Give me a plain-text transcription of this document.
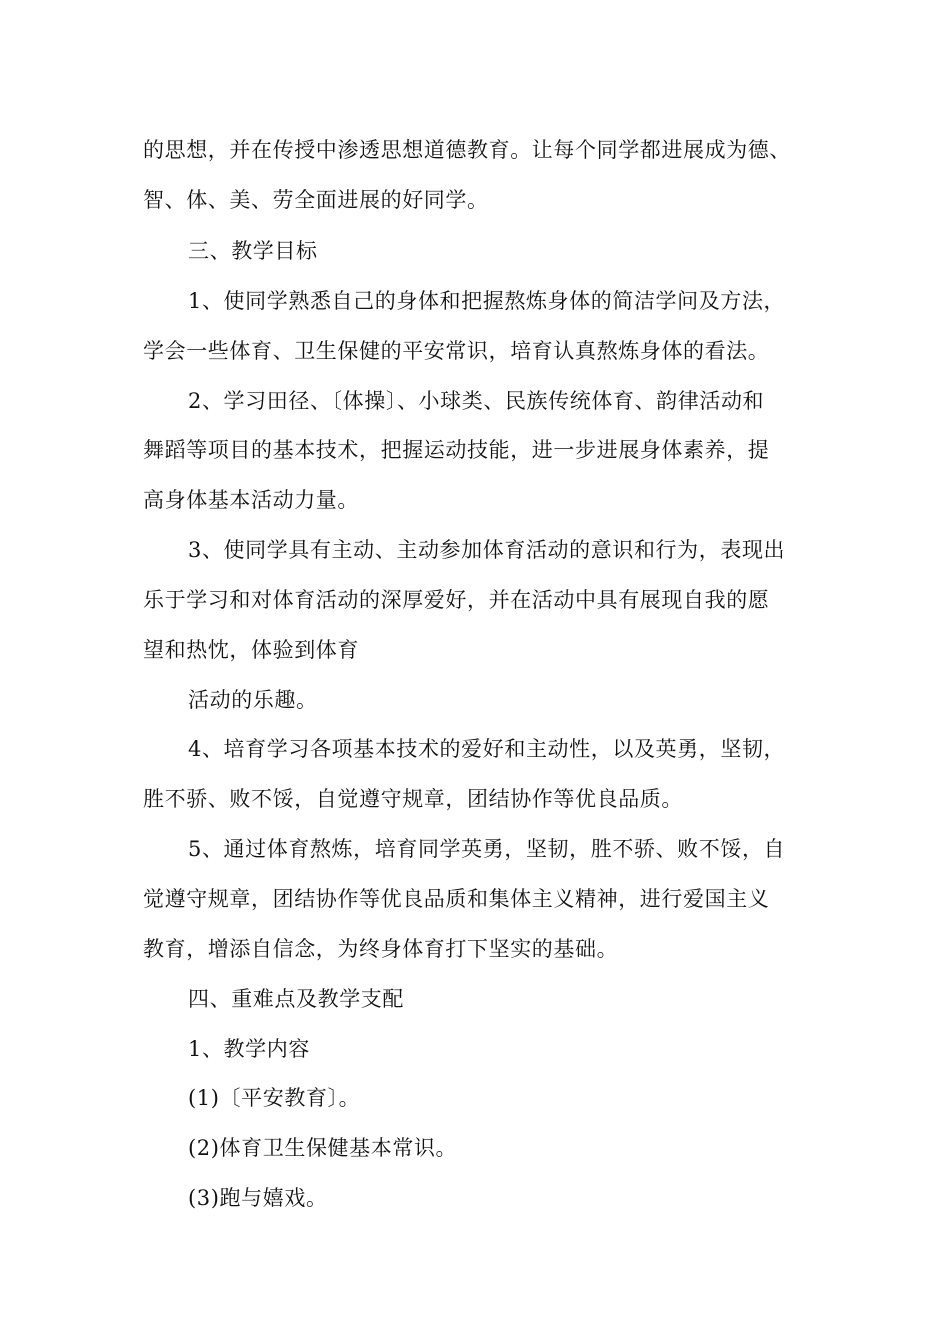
的思想，并在传授中渗透思想道德教育。让每个同学都进展成为德、
智、体、美、劳全面进展的好同学。
三、教学目标
1、使同学熟悉自己的身体和把握熬炼身体的简洁学问及方法，
学会一些体育、卫生保健的平安常识，培育认真熬炼身体的看法。
2、学习田径、〔体操〕、小球类、民族传统体育、韵律活动和
舞蹈等项目的基本技术，把握运动技能，进一步进展身体素养，提
高身体基本活动力量。
3、使同学具有主动、主动参加体育活动的意识和行为，表现出
乐于学习和对体育活动的深厚爱好，并在活动中具有展现自我的愿
望和热忱，体验到体育
活动的乐趣。
4、培育学习各项基本技术的爱好和主动性，以及英勇，坚韧，
胜不骄、败不馁，自觉遵守规章，团结协作等优良品质。
5、通过体育熬炼，培育同学英勇，坚韧，胜不骄、败不馁，自
觉遵守规章，团结协作等优良品质和集体主义精神，进行爱国主义
教育，增添自信念，为终身体育打下坚实的基础。
四、重难点及教学支配
1、教学内容
(1)〔平安教育〕。
(2)体育卫生保健基本常识。
(3)跑与嬉戏。
